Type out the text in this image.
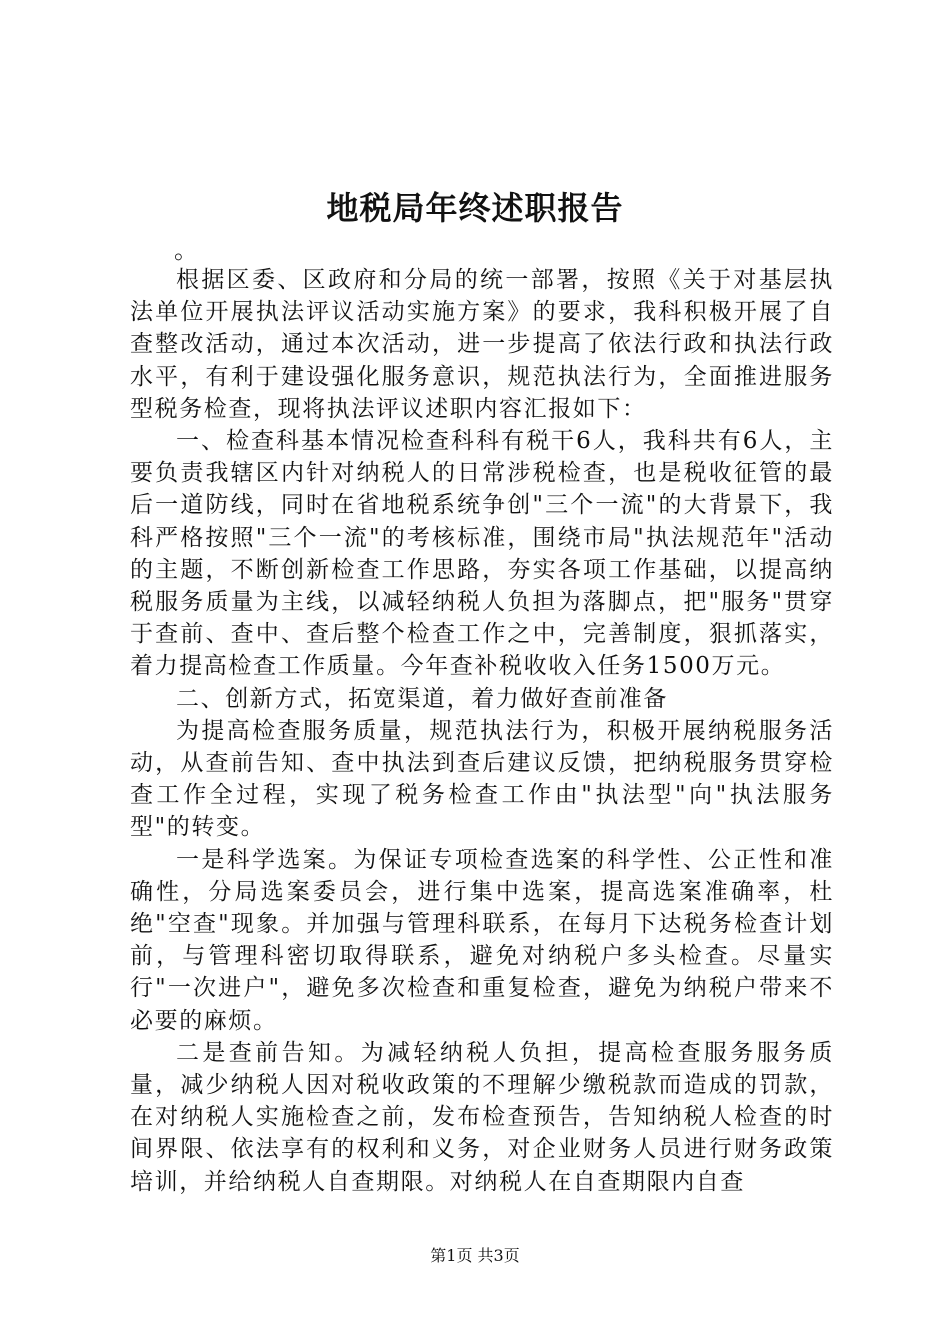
地税局年终述职报告
。

根据区委、区政府和分局的统一部署，按照《关于对基层执法单位开展执法评议活动实施方案》的要求，我科积极开展了自查整改活动，通过本次活动，进一步提高了依法行政和执法行政水平，有利于建设强化服务意识，规范执法行为，全面推进服务型税务检查，现将执法评议述职内容汇报如下：

一、检查科基本情况检查科科有税干6人，我科共有6人，主要负责我辖区内针对纳税人的日常涉税检查，也是税收征管的最后一道防线，同时在省地税系统争创"三个一流"的大背景下，我科严格按照"三个一流"的考核标准，围绕市局"执法规范年"活动的主题，不断创新检查工作思路，夯实各项工作基础，以提高纳税服务质量为主线，以减轻纳税人负担为落脚点，把"服务"贯穿于查前、查中、查后整个检查工作之中，完善制度，狠抓落实，着力提高检查工作质量。今年查补税收收入任务1500万元。

二、创新方式，拓宽渠道，着力做好查前准备

为提高检查服务质量，规范执法行为，积极开展纳税服务活动，从查前告知、查中执法到查后建议反馈，把纳税服务贯穿检查工作全过程，实现了税务检查工作由"执法型"向"执法服务型"的转变。

一是科学选案。为保证专项检查选案的科学性、公正性和准确性，分局选案委员会，进行集中选案，提高选案准确率，杜绝"空查"现象。并加强与管理科联系，在每月下达税务检查计划前，与管理科密切取得联系，避免对纳税户多头检查。尽量实行"一次进户"，避免多次检查和重复检查，避免为纳税户带来不必要的麻烦。

二是查前告知。为减轻纳税人负担，提高检查服务服务质量，减少纳税人因对税收政策的不理解少缴税款而造成的罚款，在对纳税人实施检查之前，发布检查预告，告知纳税人检查的时间界限、依法享有的权利和义务，对企业财务人员进行财务政策培训，并给纳税人自查期限。对纳税人在自查期限内自查

第1页 共3页
